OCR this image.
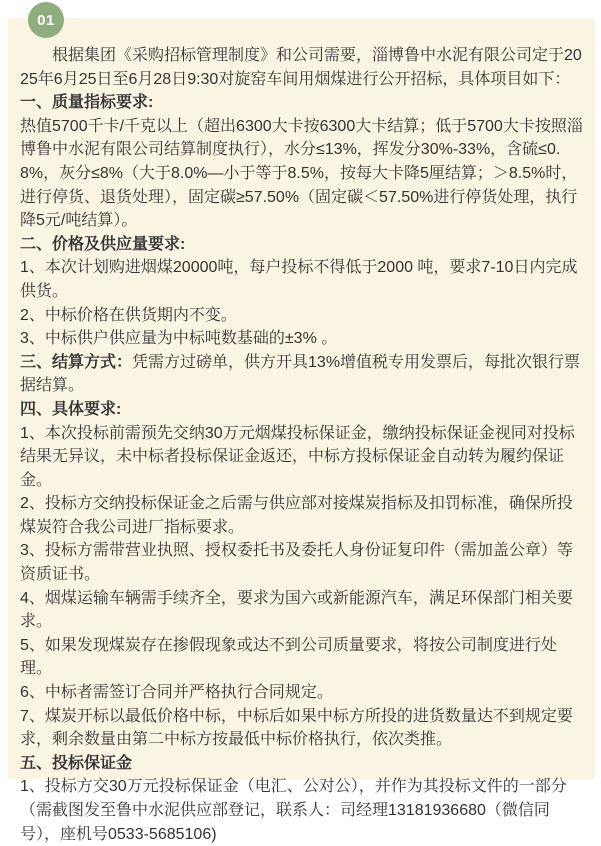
01

根据集团《采购招标管理制度》和公司需要，淄博鲁中水泥有限公司定于2025年6月25日至6月28日9:30对旋窑车间用烟煤进行公开招标，具体项目如下：

一、质量指标要求:

热值5700千卡/千克以上（超出6300大卡按6300大卡结算；低于5700大卡按照淄博鲁中水泥有限公司结算制度执行），水分≤13%，挥发分30%-33%，含硫≤0.8%，灰分≤8%（大于8.0%—小于等于8.5%，按每大卡降5厘结算；＞8.5%时，进行停货、退货处理），固定碳≥57.50%（固定碳＜57.50%进行停货处理，执行降5元/吨结算）。

二、价格及供应量要求:

1、本次计划购进烟煤20000吨，每户投标不得低于2000 吨，要求7-10日内完成供货。

2、中标价格在供货期内不变。

3、中标供户供应量为中标吨数基础的±3% 。

三、结算方式：凭需方过磅单，供方开具13%增值税专用发票后，每批次银行票据结算。

四、具体要求:

1、本次投标前需预先交纳30万元烟煤投标保证金，缴纳投标保证金视同对投标结果无异议，未中标者投标保证金返还，中标方投标保证金自动转为履约保证金。

2、投标方交纳投标保证金之后需与供应部对接煤炭指标及扣罚标准，确保所投煤炭符合我公司进厂指标要求。

3、投标方需带营业执照、授权委托书及委托人身份证复印件（需加盖公章）等资质证书。

4、烟煤运输车辆需手续齐全，要求为国六或新能源汽车，满足环保部门相关要求。

5、如果发现煤炭存在掺假现象或达不到公司质量要求，将按公司制度进行处理。

6、中标者需签订合同并严格执行合同规定。

7、煤炭开标以最低价格中标，中标后如果中标方所投的进货数量达不到规定要求，剩余数量由第二中标方按最低中标价格执行，依次类推。

五、投标保证金

1、投标方交30万元投标保证金（电汇、公对公），并作为其投标文件的一部分（需截图发至鲁中水泥供应部登记，联系人：司经理13181936680（微信同号），座机号0533-5685106)
